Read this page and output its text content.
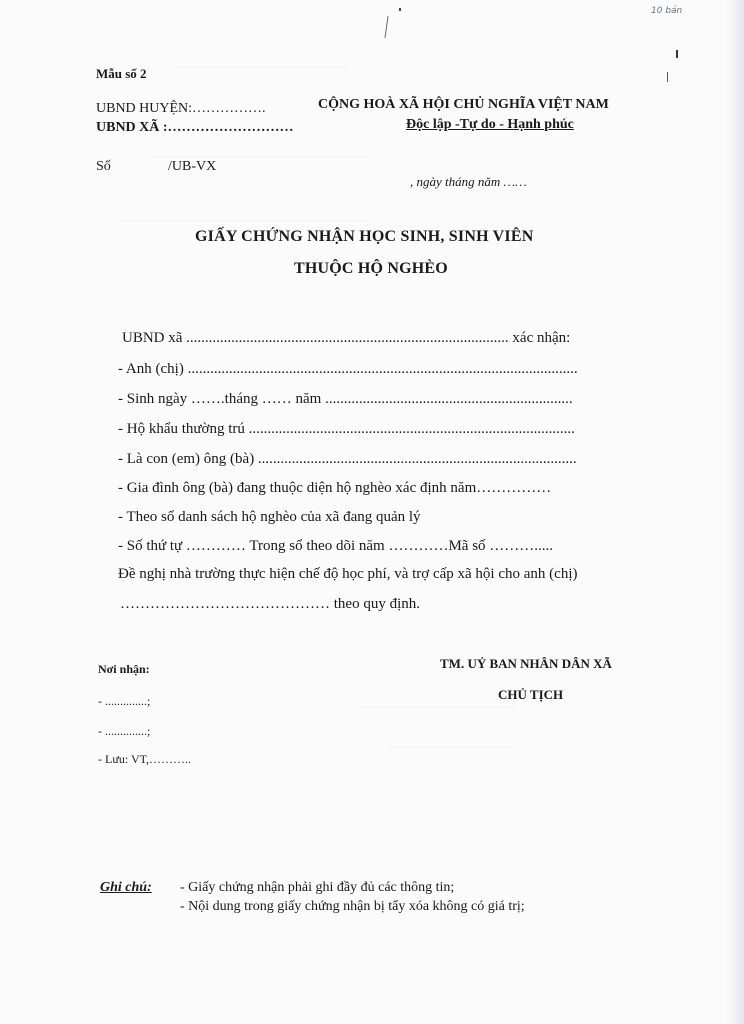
————————————————
————————————————————
———————————————————————
——————————————
———————————
10 bản
Mẫu số 2
UBND HUYỆN:…………….
UBND XÃ :………………………
CỘNG HOÀ XÃ HỘI CHỦ NGHĨA VIỆT NAM
Độc lập -Tự do - Hạnh phúc
Số	/UB-VX
, ngày tháng năm ……
GIẤY CHỨNG NHẬN HỌC SINH, SINH VIÊN
THUỘC HỘ NGHÈO
UBND xã ...................................................................................... xác nhận:
- Anh (chị) ........................................................................................................
- Sinh ngày …….tháng …… năm ..................................................................
- Hộ khẩu thường trú .......................................................................................
- Là con (em) ông (bà) .....................................................................................
- Gia đình ông (bà) đang thuộc diện hộ nghèo xác định năm……………
- Theo sổ danh sách hộ nghèo của xã đang quản lý
- Số thứ tự ………… Trong sổ theo dõi năm …………Mã số ……….....
Đề nghị nhà trường thực hiện chế độ học phí, và trợ cấp xã hội cho anh (chị)
…………………………………… theo quy định.
Nơi nhận:
- ..............;
- ..............;
- Lưu: VT,………..
TM. UỶ BAN NHÂN DÂN XÃ
CHỦ TỊCH
Ghi chú: - Giấy chứng nhận phải ghi đầy đủ các thông tin;
- Nội dung trong giấy chứng nhận bị tẩy xóa không có giá trị;
